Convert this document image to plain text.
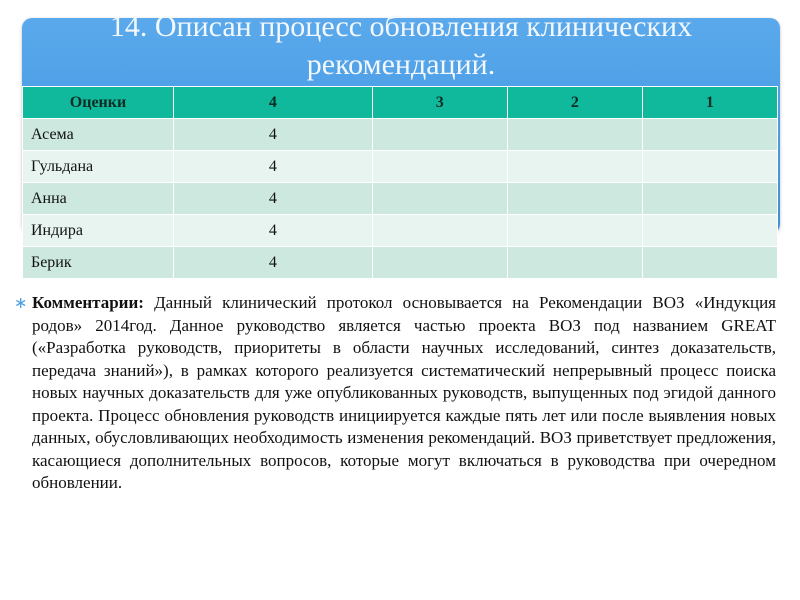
14. Описан процесс обновления клинических рекомендаций.
Оценки	4	3	2	1
Асема	4			
Гульдана	4			
Анна	4			
Индира	4			
Берик	4			
∗ Комментарии: Данный клинический протокол основывается на Рекомендации ВОЗ «Индукция родов» 2014год. Данное руководство является частью проекта ВОЗ под названием GREAT («Разработка руководств, приоритеты в области научных исследований, синтез доказательств, передача знаний»), в рамках которого реализуется систематический непрерывный процесс поиска новых научных доказательств для уже опубликованных руководств, выпущенных под эгидой данного проекта. Процесс обновления руководств инициируется каждые пять лет или после выявления новых данных, обусловливающих необходимость изменения рекомендаций. ВОЗ приветствует предложения, касающиеся дополнительных вопросов, которые могут включаться в руководства при очередном обновлении.
